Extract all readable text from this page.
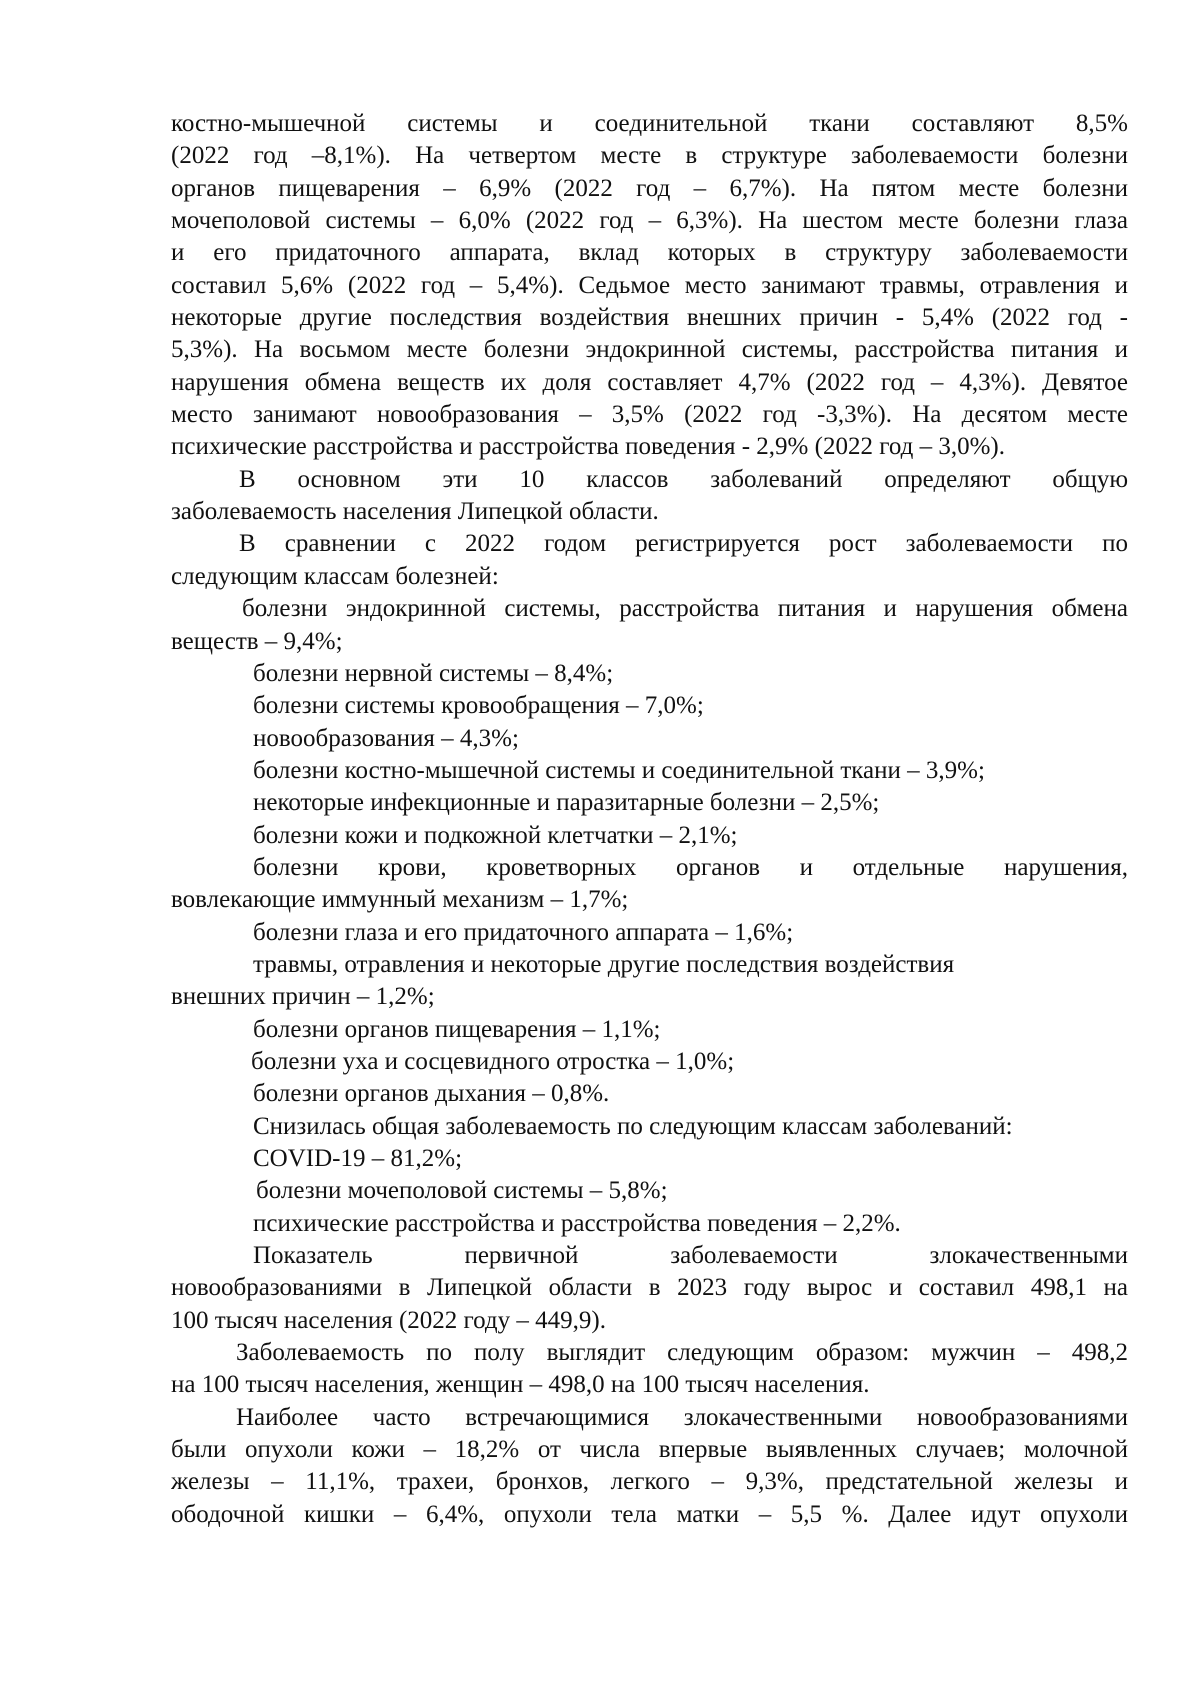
костно-мышечной системы и соединительной ткани составляют 8,5%
(2022 год –8,1%). На четвертом месте в структуре заболеваемости болезни
органов пищеварения – 6,9% (2022 год – 6,7%). На пятом месте болезни
мочеполовой системы – 6,0% (2022 год – 6,3%). На шестом месте болезни глаза
и его придаточного аппарата, вклад которых в структуру заболеваемости
составил 5,6% (2022 год – 5,4%). Седьмое место занимают травмы, отравления и
некоторые другие последствия воздействия внешних причин - 5,4% (2022 год -
5,3%). На восьмом месте болезни эндокринной системы, расстройства питания и
нарушения обмена веществ их доля составляет 4,7% (2022 год – 4,3%). Девятое
место занимают новообразования – 3,5% (2022 год -3,3%). На десятом месте
психические расстройства и расстройства поведения - 2,9% (2022 год – 3,0%).
В основном эти 10 классов заболеваний определяют общую
заболеваемость населения Липецкой области.
В сравнении с 2022 годом регистрируется рост заболеваемости по
следующим классам болезней:
болезни эндокринной системы, расстройства питания и нарушения обмена
веществ – 9,4%;
болезни нервной системы – 8,4%;
болезни системы кровообращения – 7,0%;
новообразования – 4,3%;
болезни костно-мышечной системы и соединительной ткани – 3,9%;
некоторые инфекционные и паразитарные болезни – 2,5%;
болезни кожи и подкожной клетчатки – 2,1%;
болезни крови, кроветворных органов и отдельные нарушения,
вовлекающие иммунный механизм – 1,7%;
болезни глаза и его придаточного аппарата – 1,6%;
травмы, отравления и некоторые другие последствия воздействия
внешних причин – 1,2%;
болезни органов пищеварения – 1,1%;
болезни уха и сосцевидного отростка – 1,0%;
болезни органов дыхания – 0,8%.
Снизилась общая заболеваемость по следующим классам заболеваний:
COVID-19 – 81,2%;
болезни мочеполовой системы – 5,8%;
психические расстройства и расстройства поведения – 2,2%.
Показатель первичной заболеваемости злокачественными
новообразованиями в Липецкой области в 2023 году вырос и составил 498,1 на
100 тысяч населения (2022 году – 449,9).
Заболеваемость по полу выглядит следующим образом: мужчин – 498,2
на 100 тысяч населения, женщин – 498,0 на 100 тысяч населения.
Наиболее часто встречающимися злокачественными новообразованиями
были опухоли кожи – 18,2% от числа впервые выявленных случаев; молочной
железы – 11,1%, трахеи, бронхов, легкого – 9,3%, предстательной железы и
ободочной кишки – 6,4%, опухоли тела матки – 5,5 %. Далее идут опухоли
